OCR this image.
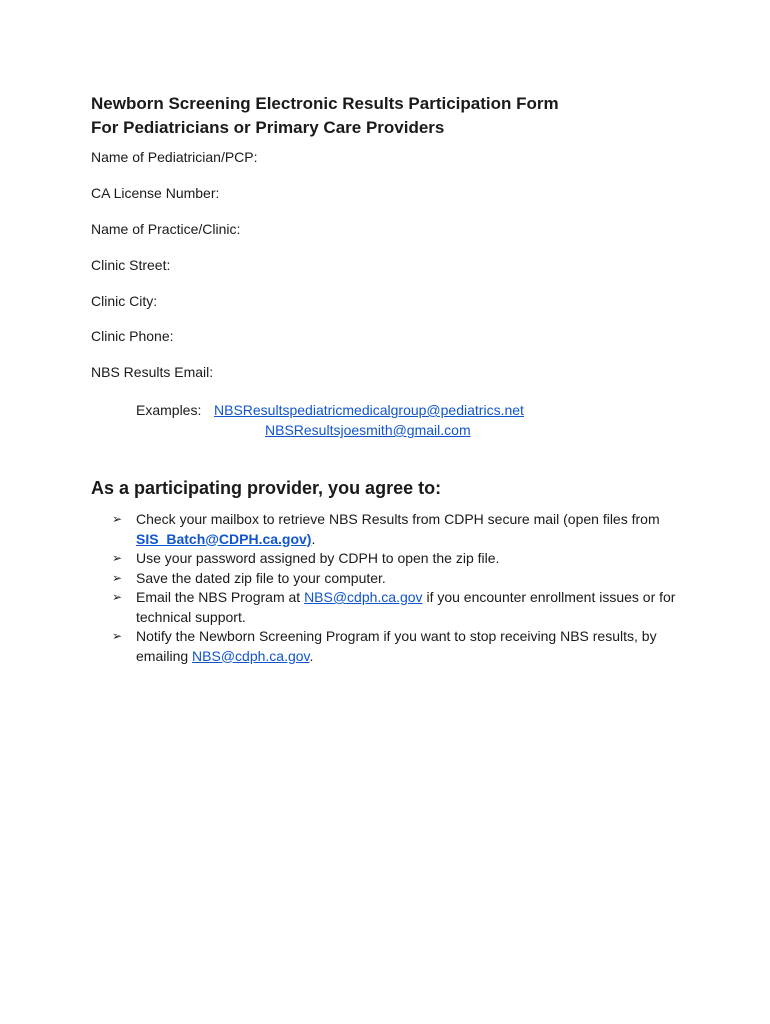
Newborn Screening Electronic Results Participation Form
For Pediatricians or Primary Care Providers
Name of Pediatrician/PCP:
CA License Number:
Name of Practice/Clinic:
Clinic Street:
Clinic City:
Clinic Phone:
NBS Results Email:
Examples: NBSResultspediatricmedicalgroup@pediatrics.net
NBSResultsjoesmith@gmail.com
As a participating provider, you agree to:
➢ Check your mailbox to retrieve NBS Results from CDPH secure mail (open files from SIS_Batch@CDPH.ca.gov).
➢ Use your password assigned by CDPH to open the zip file.
➢ Save the dated zip file to your computer.
➢ Email the NBS Program at NBS@cdph.ca.gov if you encounter enrollment issues or for technical support.
➢ Notify the Newborn Screening Program if you want to stop receiving NBS results, by emailing NBS@cdph.ca.gov.
